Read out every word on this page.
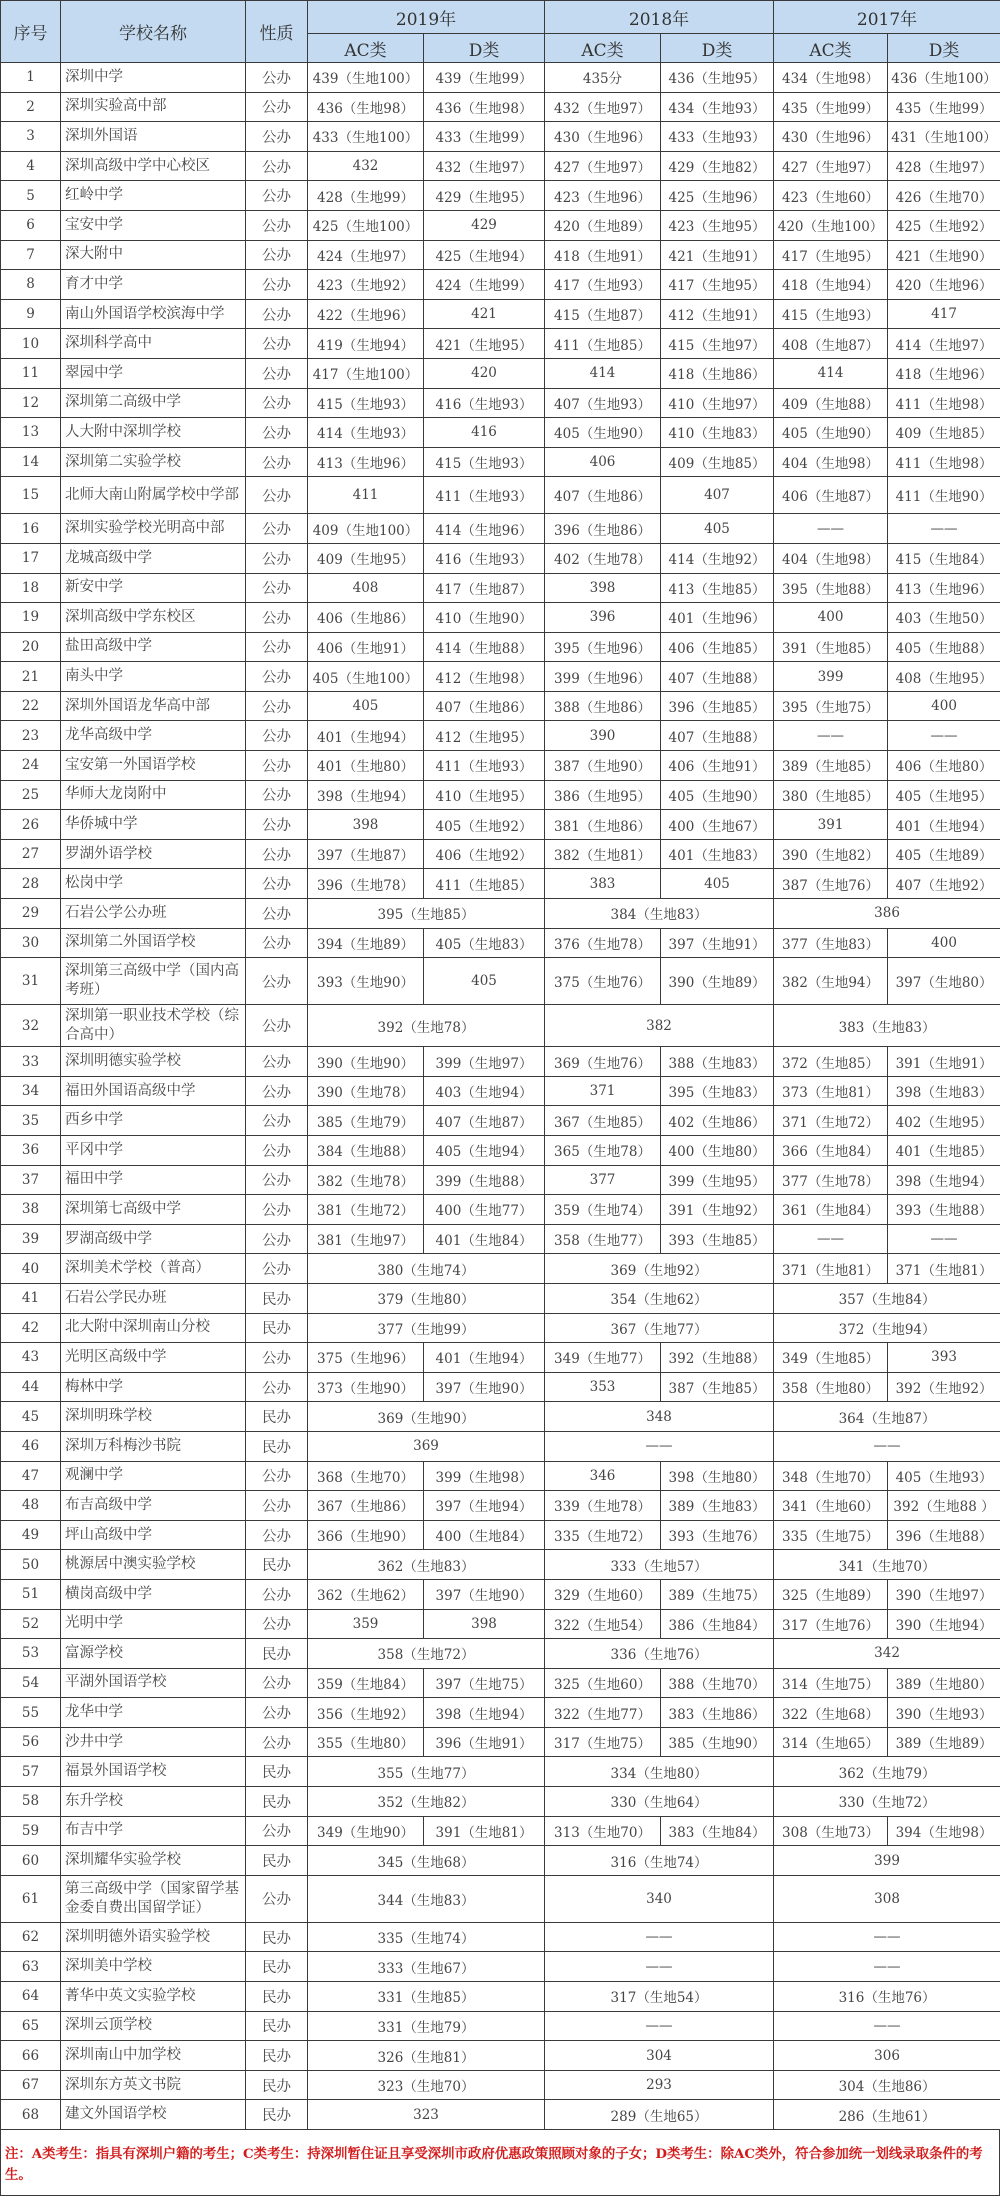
序号	学校名称	性质	2019年		2018年		2017年	
			AC类	D类	AC类	D类	AC类	D类
1	深圳中学	公办	439（生地100）	439（生地99）	435分	436（生地95）	434（生地98）	436（生地100）
2	深圳实验高中部	公办	436（生地98）	436（生地98）	432（生地97）	434（生地93）	435（生地99）	435（生地99）
3	深圳外国语	公办	433（生地100）	433（生地99）	430（生地96）	433（生地93）	430（生地96）	431（生地100）
4	深圳高级中学中心校区	公办	432	432（生地97）	427（生地97）	429（生地82）	427（生地97）	428（生地97）
5	红岭中学	公办	428（生地99）	429（生地95）	423（生地96）	425（生地96）	423（生地60）	426（生地70）
6	宝安中学	公办	425（生地100）	429	420（生地89）	423（生地95）	420（生地100）	425（生地92）
7	深大附中	公办	424（生地97）	425（生地94）	418（生地91）	421（生地91）	417（生地95）	421（生地90）
8	育才中学	公办	423（生地92）	424（生地99）	417（生地93）	417（生地95）	418（生地94）	420（生地96）
9	南山外国语学校滨海中学	公办	422（生地96）	421	415（生地87）	412（生地91）	415（生地93）	417
10	深圳科学高中	公办	419（生地94）	421（生地95）	411（生地85）	415（生地97）	408（生地87）	414（生地97）
11	翠园中学	公办	417（生地100）	420	414	418（生地86）	414	418（生地96）
12	深圳第二高级中学	公办	415（生地93）	416（生地93）	407（生地93）	410（生地97）	409（生地88）	411（生地98）
13	人大附中深圳学校	公办	414（生地93）	416	405（生地90）	410（生地83）	405（生地90）	409（生地85）
14	深圳第二实验学校	公办	413（生地96）	415（生地93）	406	409（生地85）	404（生地98）	411（生地98）
15	北师大南山附属学校中学部	公办	411	411（生地93）	407（生地86）	407	406（生地87）	411（生地90）
16	深圳实验学校光明高中部	公办	409（生地100）	414（生地96）	396（生地86）	405	——	——
17	龙城高级中学	公办	409（生地95）	416（生地93）	402（生地78）	414（生地92）	404（生地98）	415（生地84）
18	新安中学	公办	408	417（生地87）	398	413（生地85）	395（生地88）	413（生地96）
19	深圳高级中学东校区	公办	406（生地86）	410（生地90）	396	401（生地96）	400	403（生地50）
20	盐田高级中学	公办	406（生地91）	414（生地88）	395（生地96）	406（生地85）	391（生地85）	405（生地88）
21	南头中学	公办	405（生地100）	412（生地98）	399（生地96）	407（生地88）	399	408（生地95）
22	深圳外国语龙华高中部	公办	405	407（生地86）	388（生地86）	396（生地85）	395（生地75）	400
23	龙华高级中学	公办	401（生地94）	412（生地95）	390	407（生地88）	——	——
24	宝安第一外国语学校	公办	401（生地80）	411（生地93）	387（生地90）	406（生地91）	389（生地85）	406（生地80）
25	华师大龙岗附中	公办	398（生地94）	410（生地95）	386（生地95）	405（生地90）	380（生地85）	405（生地95）
26	华侨城中学	公办	398	405（生地92）	381（生地86）	400（生地67）	391	401（生地94）
27	罗湖外语学校	公办	397（生地87）	406（生地92）	382（生地81）	401（生地83）	390（生地82）	405（生地89）
28	松岗中学	公办	396（生地78）	411（生地85）	383	405	387（生地76）	407（生地92）
29	石岩公学公办班	公办	395（生地85）		384（生地83）		386	
30	深圳第二外国语学校	公办	394（生地89）	405（生地83）	376（生地78）	397（生地91）	377（生地83）	400
31	深圳第三高级中学（国内高考班）	公办	393（生地90）	405	375（生地76）	390（生地89）	382（生地94）	397（生地80）
32	深圳第一职业技术学校（综合高中）	公办	392（生地78）		382		383（生地83）	
33	深圳明德实验学校	公办	390（生地90）	399（生地97）	369（生地76）	388（生地83）	372（生地85）	391（生地91）
34	福田外国语高级中学	公办	390（生地78）	403（生地94）	371	395（生地83）	373（生地81）	398（生地83）
35	西乡中学	公办	385（生地79）	407（生地87）	367（生地85）	402（生地86）	371（生地72）	402（生地95）
36	平冈中学	公办	384（生地88）	405（生地94）	365（生地78）	400（生地80）	366（生地84）	401（生地85）
37	福田中学	公办	382（生地78）	399（生地88）	377	399（生地95）	377（生地78）	398（生地94）
38	深圳第七高级中学	公办	381（生地72）	400（生地77）	359（生地74）	391（生地92）	361（生地84）	393（生地88）
39	罗湖高级中学	公办	381（生地97）	401（生地84）	358（生地77）	393（生地85）	——	——
40	深圳美术学校（普高）	公办	380（生地74）		369（生地92）		371（生地81）	371（生地81）
41	石岩公学民办班	民办	379（生地80）		354（生地62）		357（生地84）	
42	北大附中深圳南山分校	民办	377（生地99）		367（生地77）		372（生地94）	
43	光明区高级中学	公办	375（生地96）	401（生地94）	349（生地77）	392（生地88）	349（生地85）	393
44	梅林中学	公办	373（生地90）	397（生地90）	353	387（生地85）	358（生地80）	392（生地92）
45	深圳明珠学校	民办	369（生地90）		348		364（生地87）	
46	深圳万科梅沙书院	民办	369		——		——	
47	观澜中学	公办	368（生地70）	399（生地98）	346	398（生地80）	348（生地70）	405（生地93）
48	布吉高级中学	公办	367（生地86）	397（生地94）	339（生地78）	389（生地83）	341（生地60）	392（生地88 ）
49	坪山高级中学	公办	366（生地90）	400（生地84）	335（生地72）	393（生地76）	335（生地75）	396（生地88）
50	桃源居中澳实验学校	民办	362（生地83）		333（生地57）		341（生地70）	
51	横岗高级中学	公办	362（生地62）	397（生地90）	329（生地60）	389（生地75）	325（生地89）	390（生地97）
52	光明中学	公办	359	398	322（生地54）	386（生地84）	317（生地76）	390（生地94）
53	富源学校	民办	358（生地72）		336（生地76）		342	
54	平湖外国语学校	公办	359（生地84）	397（生地75）	325（生地60）	388（生地70）	314（生地75）	389（生地80）
55	龙华中学	公办	356（生地92）	398（生地94）	322（生地77）	383（生地86）	322（生地68）	390（生地93）
56	沙井中学	公办	355（生地80）	396（生地91）	317（生地75）	385（生地90）	314（生地65）	389（生地89）
57	福景外国语学校	民办	355（生地77）		334（生地80）		362（生地79）	
58	东升学校	民办	352（生地82）		330（生地64）		330（生地72）	
59	布吉中学	公办	349（生地90）	391（生地81）	313（生地70）	383（生地84）	308（生地73）	394（生地98）
60	深圳耀华实验学校	民办	345（生地68）		316（生地74）		399	
61	第三高级中学（国家留学基金委自费出国留学证）	公办	344（生地83）		340		308	
62	深圳明德外语实验学校	民办	335（生地74）		——		——	
63	深圳美中学校	民办	333（生地67）		——		——	
64	菁华中英文实验学校	民办	331（生地85）		317（生地54）		316（生地76）	
65	深圳云顶学校	民办	331（生地79）		——		——	
66	深圳南山中加学校	民办	326（生地81）		304		306	
67	深圳东方英文书院	民办	323（生地70）		293		304（生地86）	
68	建文外国语学校	民办	323		289（生地65）		286（生地61）	
注：A类考生：指具有深圳户籍的考生；C类考生：持深圳暂住证且享受深圳市政府优惠政策照顾对象的子女；D类考生：除AC类外，符合参加统一划线录取条件的考生。
